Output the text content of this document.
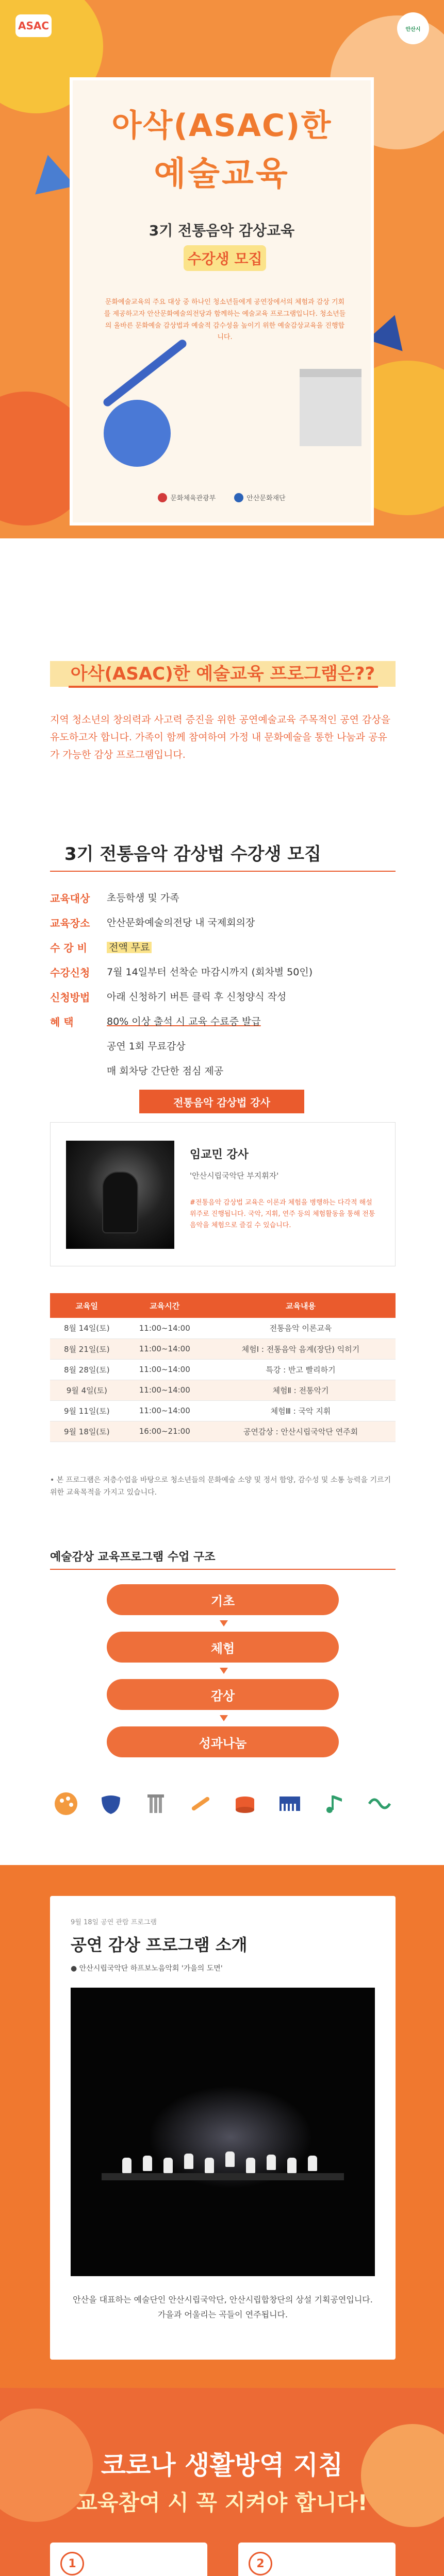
ASAC	안산시
아삭(ASAC)한
예술교육
3기 전통음악 감상교육
수강생 모집
문화예술교육의 주요 대상 중 하나인 청소년들에게 공연장에서의 체험과 감상 기회를 제공하고자 안산문화예술의전당과 함께하는 예술교육 프로그램입니다. 청소년들의 올바른 문화예술 감상법과 예술적 감수성을 높이기 위한 예술감상교육을 진행합니다.
문화체육관광부	안산문화재단
아삭(ASAC)한 예술교육 프로그램은??

지역 청소년의 창의력과 사고력 증진을 위한 공연예술교육 주목적인 공연 감상을 유도하고자 합니다. 가족이 함께 참여하여 가정 내 문화예술을 통한 나눔과 공유가 가능한 감상 프로그램입니다.

3기 전통음악 감상법 수강생 모집
교육대상	초등학생 및 가족
교육장소	안산문화예술의전당 내 국제회의장
수 강 비	전액 무료
수강신청	7월 14일부터 선착순 마감시까지 (회차별 50인)
신청방법	아래 신청하기 버튼 클릭 후 신청양식 작성
혜 택	80% 이상 출석 시 교육 수료증 발급
공연 1회 무료감상
매 회차당 간단한 점심 제공
전통음악 감상법 강사
임교민 강사
'안산시립국악단 부지휘자'
#전통음악 감상법 교육은 이론과 체험을 병행하는 다각적 해설 위주로 진행됩니다. 국악, 지휘, 연주 등의 체험활동을 통해 전통음악을 체험으로 즐길 수 있습니다.
교육일	교육시간	교육내용
8월 14일(토)	11:00~14:00	전통음악 이론교육
8월 21일(토)	11:00~14:00	체험Ⅰ : 전통음악 음계(장단) 익히기
8월 28일(토)	11:00~14:00	특강 : 반고 빨리하기
9월 4일(토)	11:00~14:00	체험Ⅱ : 전통악기
9월 11일(토)	11:00~14:00	체험Ⅲ : 국악 지휘
9월 18일(토)	16:00~21:00	공연감상 : 안산시립국악단 연주회

• 본 프로그램은 저층수업을 바탕으로 청소년들의 문화예술 소양 및 정서 함양, 감수성 및 소통 능력을 기르기 위한 교육목적을 가지고 있습니다.

예술감상 교육프로그램 수업 구조
기초
체험
감상
성과나눔
9월 18일 공연 관람 프로그램
공연 감상 프로그램 소개
● 안산시립국악단 하프보노음악회 '가을의 도면'

안산을 대표하는 예술단인 안산시립국악단, 안산시립합창단의 상설 기획공연입니다. 가을과 어울리는 곡들이 연주됩니다.

코로나 생활방역 지침
교육참여 시 꼭 지켜야 합니다!
1	2
